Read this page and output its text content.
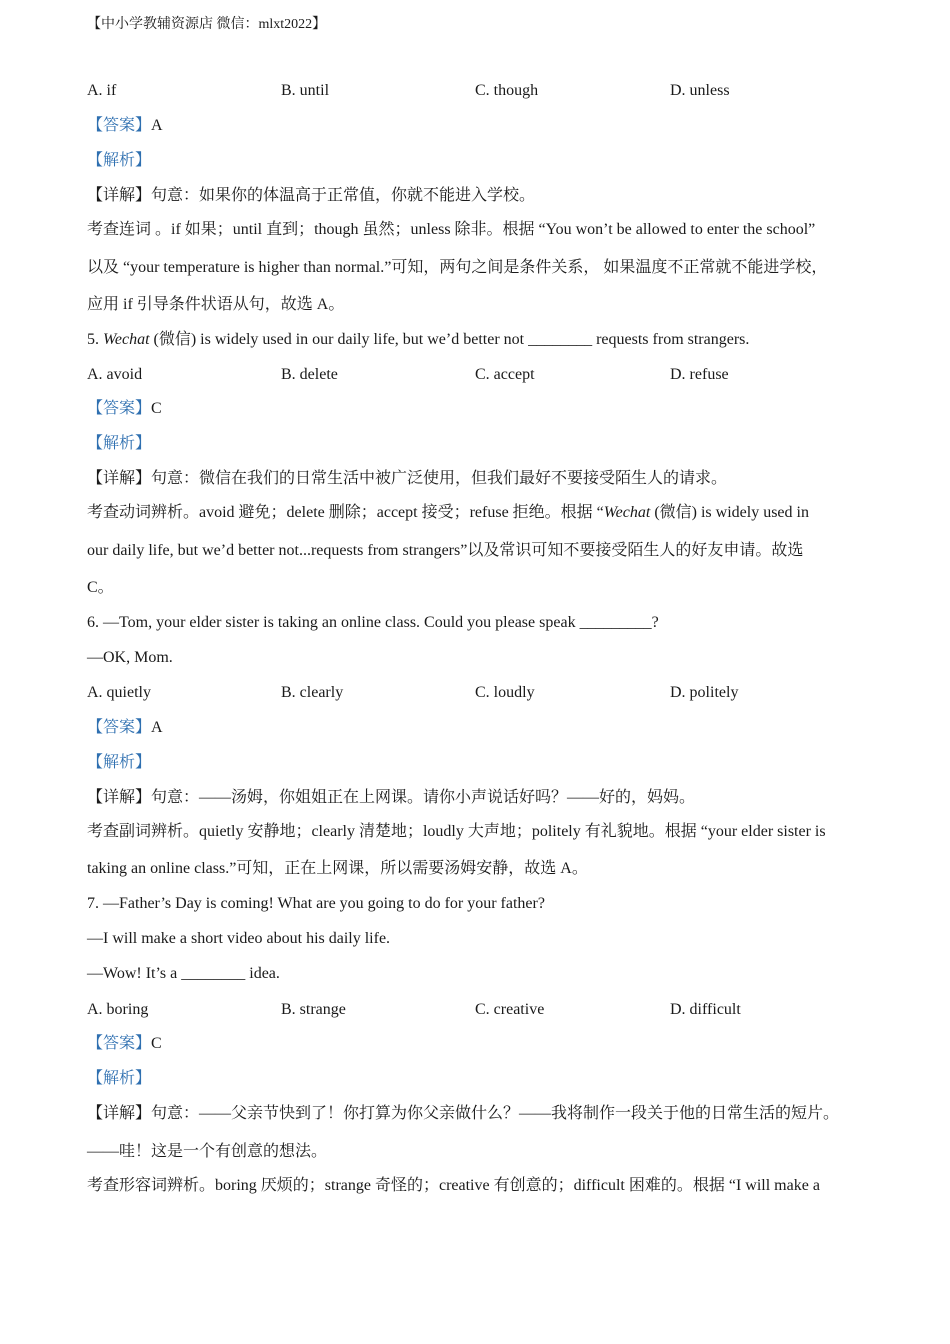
【中小学教辅资源店 微信：mlxt2022】
A. if	B. until	C. though	D. unless
【答案】A
【解析】
【详解】句意：如果你的体温高于正常值，你就不能进入学校。
考查连词 。if 如果；until 直到；though 虽然；unless 除非。根据 “You won’t be allowed to enter the school”
以及 “your temperature is higher than normal.”可知，两句之间是条件关系， 如果温度不正常就不能进学校，
应用 if 引导条件状语从句，故选 A。
5. Wechat (微信) is widely used in our daily life, but we’d better not ________ requests from strangers.
A. avoid	B. delete	C. accept	D. refuse
【答案】C
【解析】
【详解】句意：微信在我们的日常生活中被广泛使用，但我们最好不要接受陌生人的请求。
考查动词辨析。avoid 避免；delete 删除；accept 接受；refuse 拒绝。根据 “Wechat (微信) is widely used in
our daily life, but we’d better not...requests from strangers”以及常识可知不要接受陌生人的好友申请。故选
C。
6. —Tom, your elder sister is taking an online class. Could you please speak _________?
—OK, Mom.
A. quietly	B. clearly	C. loudly	D. politely
【答案】A
【解析】
【详解】句意：——汤姆，你姐姐正在上网课。请你小声说话好吗？——好的，妈妈。
考查副词辨析。quietly 安静地；clearly 清楚地；loudly 大声地；politely 有礼貌地。根据 “your elder sister is
taking an online class.”可知，正在上网课，所以需要汤姆安静，故选 A。
7. —Father’s Day is coming! What are you going to do for your father?
—I will make a short video about his daily life.
—Wow! It’s a ________ idea.
A. boring	B. strange	C. creative	D. difficult
【答案】C
【解析】
【详解】句意：——父亲节快到了！你打算为你父亲做什么？——我将制作一段关于他的日常生活的短片。
——哇！这是一个有创意的想法。
考查形容词辨析。boring 厌烦的；strange 奇怪的；creative 有创意的；difficult 困难的。根据 “I will make a
